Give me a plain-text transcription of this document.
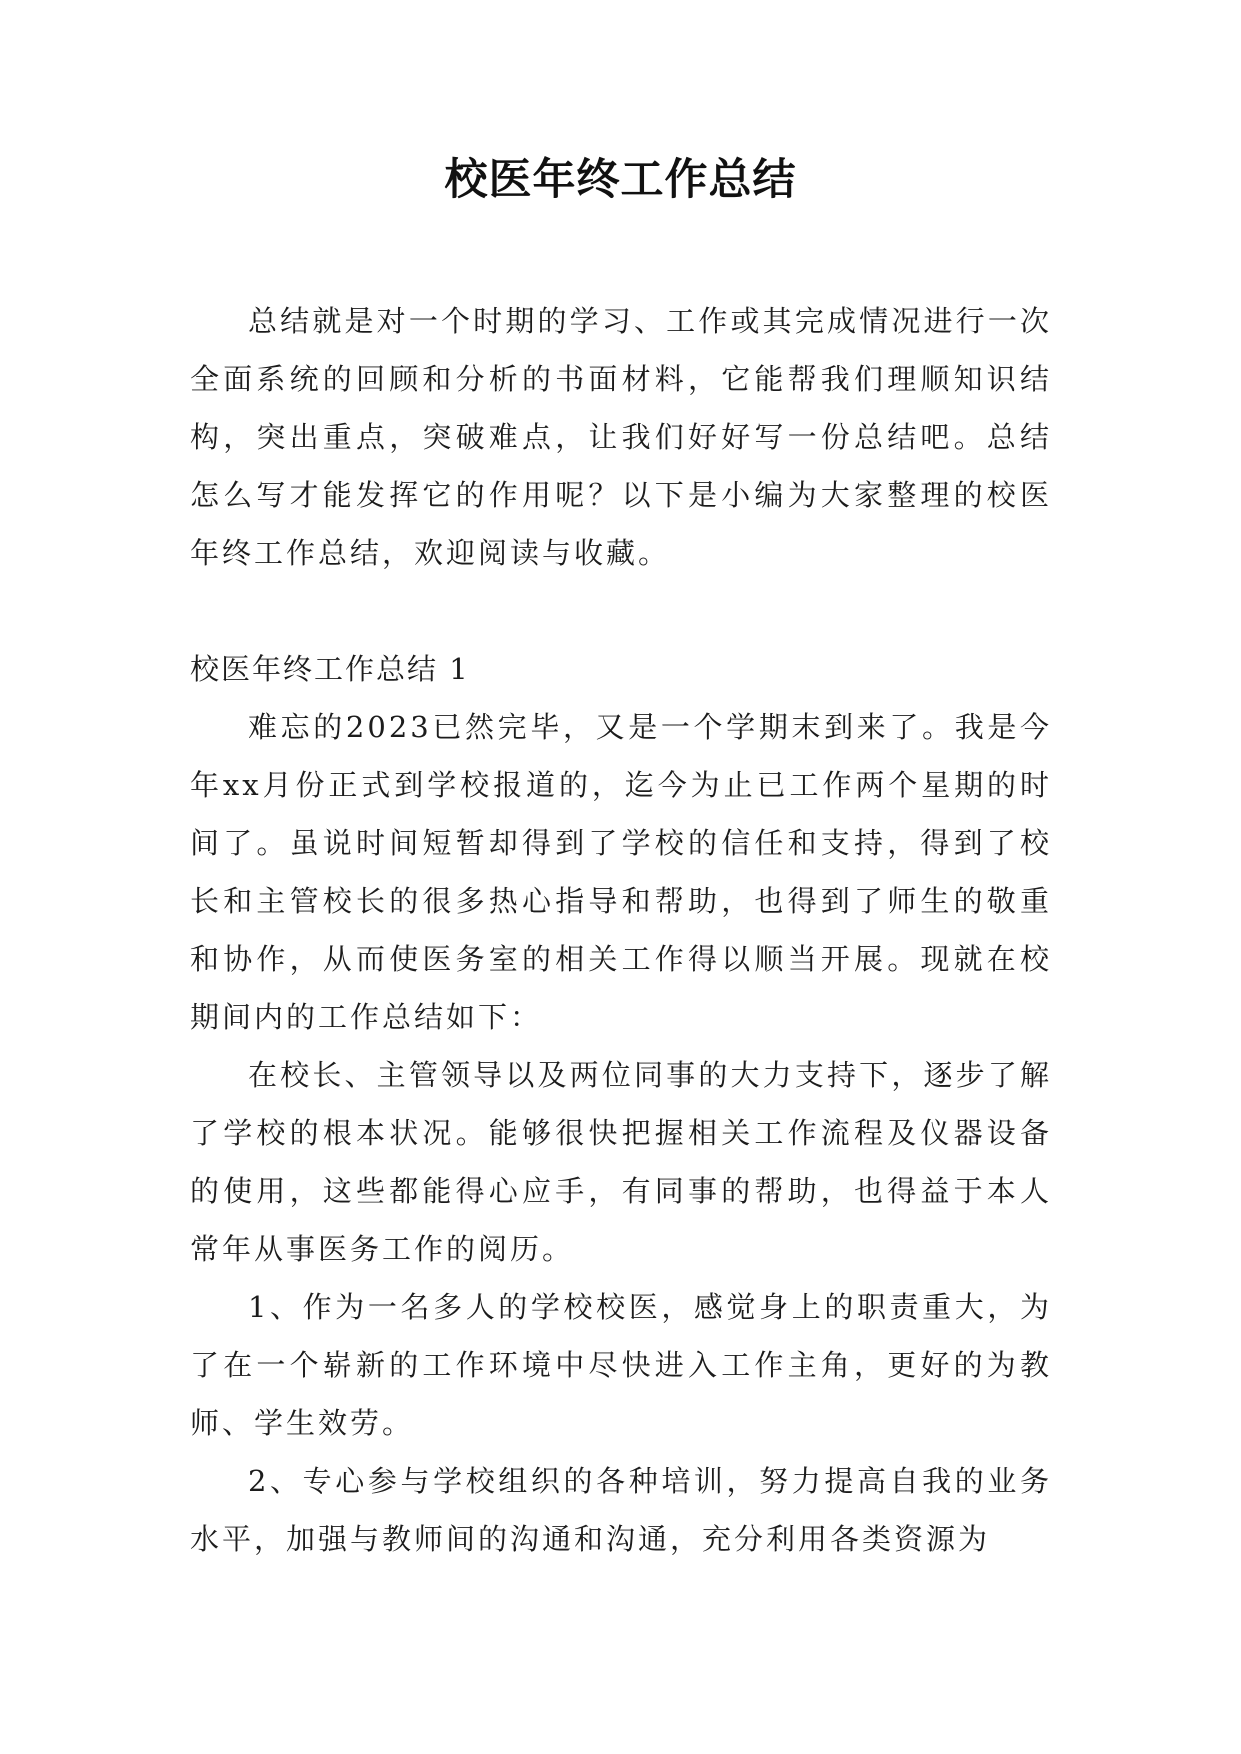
校医年终工作总结

总结就是对一个时期的学习、工作或其完成情况进行一次全面系统的回顾和分析的书面材料，它能帮我们理顺知识结构，突出重点，突破难点，让我们好好写一份总结吧。总结怎么写才能发挥它的作用呢？以下是小编为大家整理的校医年终工作总结，欢迎阅读与收藏。

校医年终工作总结 1

难忘的2023已然完毕，又是一个学期末到来了。我是今年xx月份正式到学校报道的，迄今为止已工作两个星期的时间了。虽说时间短暂却得到了学校的信任和支持，得到了校长和主管校长的很多热心指导和帮助，也得到了师生的敬重和协作，从而使医务室的相关工作得以顺当开展。现就在校期间内的工作总结如下：

在校长、主管领导以及两位同事的大力支持下，逐步了解了学校的根本状况。能够很快把握相关工作流程及仪器设备的使用，这些都能得心应手，有同事的帮助，也得益于本人常年从事医务工作的阅历。

1、作为一名多人的学校校医，感觉身上的职责重大，为了在一个崭新的工作环境中尽快进入工作主角，更好的为教师、学生效劳。

2、专心参与学校组织的各种培训，努力提高自我的业务水平，加强与教师间的沟通和沟通，充分利用各类资源为
